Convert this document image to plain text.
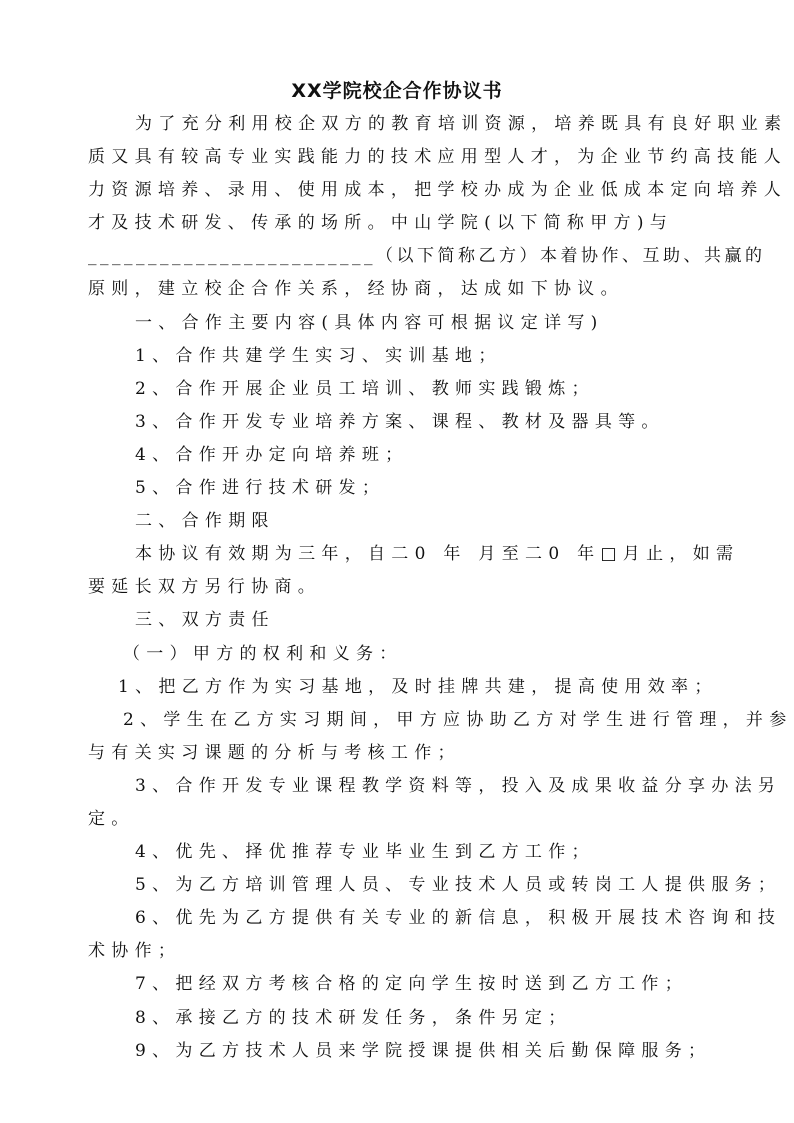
XX学院校企合作协议书
为了充分利用校企双方的教育培训资源，培养既具有良好职业素
质又具有较高专业实践能力的技术应用型人才，为企业节约高技能人
力资源培养、录用、使用成本，把学校办成为企业低成本定向培养人
才及技术研发、传承的场所。中山学院(以下简称甲方)与
________________________（以下简称乙方）本着协作、互助、共赢的
原则，建立校企合作关系，经协商，达成如下协议。
一、合作主要内容(具体内容可根据议定详写)
1、合作共建学生实习、实训基地；
2、合作开展企业员工培训、教师实践锻炼；
3、合作开发专业培养方案、课程、教材及器具等。
4、合作开办定向培养班；
5、合作进行技术研发；
二、合作期限
本协议有效期为三年，自二0 年 月至二0 年□月止，如需
要延长双方另行协商。
三、双方责任
（一）甲方的权利和义务：
1、把乙方作为实习基地，及时挂牌共建，提高使用效率；
2、学生在乙方实习期间，甲方应协助乙方对学生进行管理，并参
与有关实习课题的分析与考核工作；
3、合作开发专业课程教学资料等，投入及成果收益分享办法另
定。
4、优先、择优推荐专业毕业生到乙方工作；
5、为乙方培训管理人员、专业技术人员或转岗工人提供服务；
6、优先为乙方提供有关专业的新信息，积极开展技术咨询和技
术协作；
7、把经双方考核合格的定向学生按时送到乙方工作；
8、承接乙方的技术研发任务，条件另定；
9、为乙方技术人员来学院授课提供相关后勤保障服务；
